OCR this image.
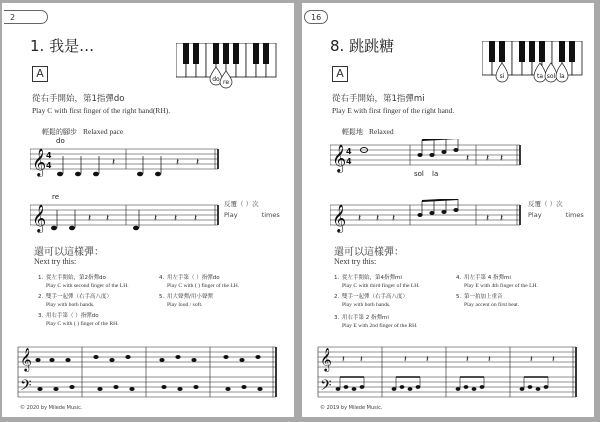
2
do re
1. 我是…
A
從右手開始，第1指彈do
Play C with first finger of the right hand(RH).
輕鬆的腳步 Relaxed pace
do
𝄞 4
4	𝄽	𝄽 𝄽
re
𝄞	𝄽 𝄽	𝄽 𝄽 𝄽
反覆（ ）次
Play	times
還可以這樣彈：
Next try this:
1. 從左手開始，第2指彈do
Play C with second finger of the LH.
2. 雙手一起彈（右手高八度）
Play with both hands.
3. 用右手第（ ）指彈do
Play C with ( ) finger of the RH.
4. 用左手第（ ）指彈do
Play C with ( ) finger of the LH.
5. 用大聲彈/用小聲彈
Play loud / soft.
𝄞
𝄢
© 2020 by Milede Music.
16
si	ta sol la
8. 跳跳糖
A
從右手開始，第1指彈mi
Play E with first finger of the right hand.
輕鬆地 Relaxed
𝄞 4
4	𝄽 𝄽 𝄽
sol la
𝄞 𝄽 𝄽 𝄽	𝄽 𝄽
反覆（ ）次
Play	times
還可以這樣彈：
Next try this:
1. 從左手開始，第4指彈mi
Play C with third finger of the LH.
2. 雙手一起彈（右手高八度）
Play with both hands.
3. 用右手第 2 指彈mi
Play E with 2nd finger of the RH.
4. 用左手第 4 指彈mi
Play E with 4th finger of the LH.
5. 第一拍加上重音
Play accent on first beat.
𝄞
𝄢
𝄽 𝄽	𝄽 𝄽	𝄽 𝄽	𝄽 𝄽
© 2019 by Milede Music.
